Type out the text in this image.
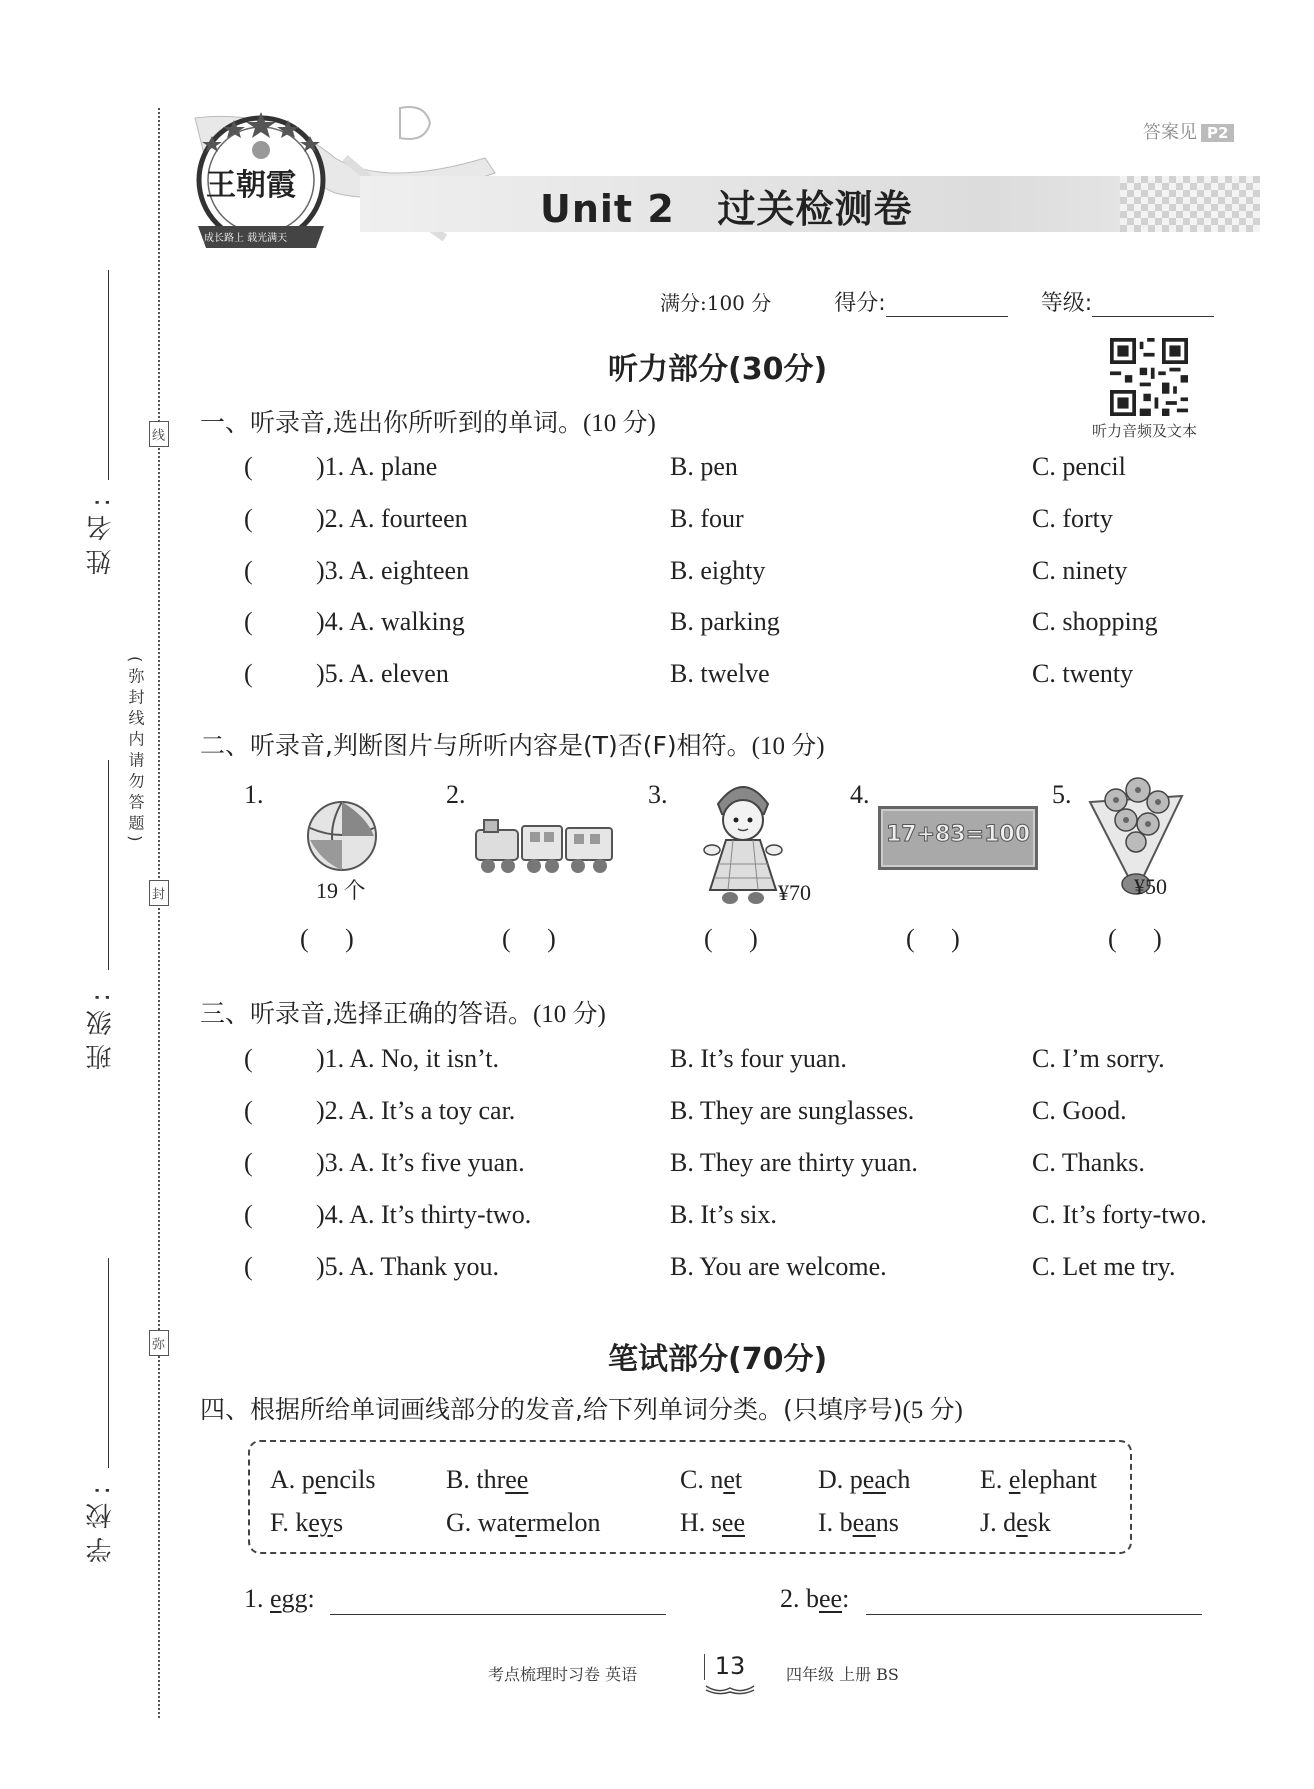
姓名:
班级:
学校:
线
封
弥
(弥封线内请勿答题)
Unit 2   过关检测卷
答案见 P2
王朝霞
成长路上 载光满天
满分:100 分	得分:	等级:
听力部分(30分)
听力音频及文本
一、听录音,选出你所听到的单词。(10 分)
( )1. A. plane	B. pen	C. pencil
( )2. A. fourteen	B. four	C. forty
( )3. A. eighteen	B. eighty	C. ninety
( )4. A. walking	B. parking	C. shopping
( )5. A. eleven	B. twelve	C. twenty
二、听录音,判断图片与所听内容是(T)否(F)相符。(10 分)
1.
19 个
2.	3.
¥70
4.
17+83=100
5.
¥50
( )	( )	( )	( )	( )
三、听录音,选择正确的答语。(10 分)
( )1. A. No, it isn’t.	B. It’s four yuan.	C. I’m sorry.
( )2. A. It’s a toy car.	B. They are sunglasses.	C. Good.
( )3. A. It’s five yuan.	B. They are thirty yuan.	C. Thanks.
( )4. A. It’s thirty-two.	B. It’s six.	C. It’s forty-two.
( )5. A. Thank you.	B. You are welcome.	C. Let me try.
笔试部分(70分)
四、根据所给单词画线部分的发音,给下列单词分类。(只填序号)(5 分)
A. pencils	B. three	C. net	D. peach	E. elephant
F. keys	G. watermelon	H. see	I. beans	J. desk
1. egg:	2. bee:
考点梳理时习卷 英语	13	四年级 上册 BS
